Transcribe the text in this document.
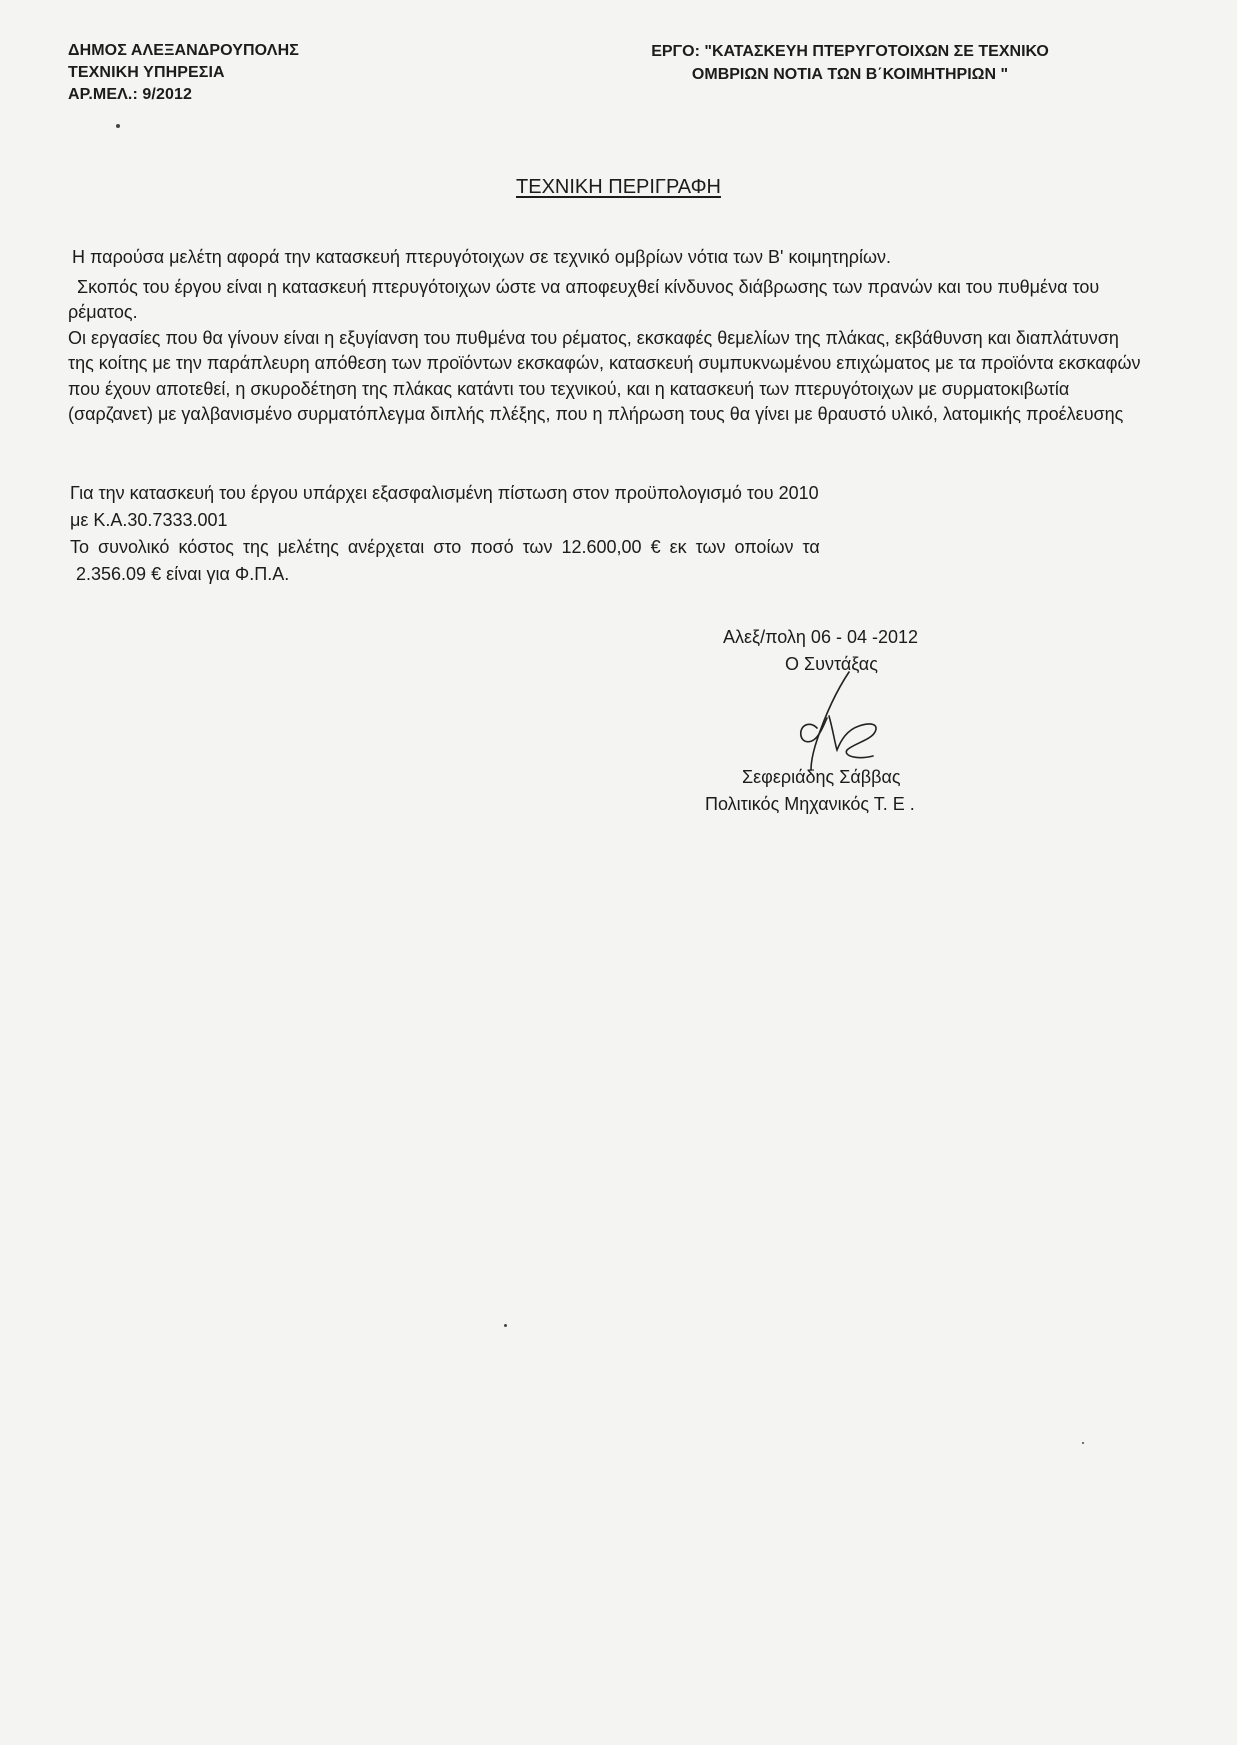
ΔΗΜΟΣ ΑΛΕΞΑΝΔΡΟΥΠΟΛΗΣ
ΤΕΧΝΙΚΗ ΥΠΗΡΕΣΙΑ
ΑΡ.ΜΕΛ.: 9/2012
ΕΡΓΟ: "ΚΑΤΑΣΚΕΥΗ ΠΤΕΡΥΓΟΤΟΙΧΩΝ ΣΕ ΤΕΧΝΙΚΟ
ΟΜΒΡΙΩΝ ΝΟΤΙΑ ΤΩΝ Β΄ΚΟΙΜΗΤΗΡΙΩΝ "
ΤΕΧΝΙΚΗ ΠΕΡΙΓΡΑΦΗ

Η παρούσα μελέτη αφορά την κατασκευή πτερυγότοιχων σε τεχνικό ομβρίων νότια των Β' κοιμητηρίων.

Σκοπός του έργου είναι η κατασκευή πτερυγότοιχων ώστε να αποφευχθεί κίνδυνος διάβρωσης των πρανών και του πυθμένα του ρέματος.

Οι εργασίες που θα γίνουν είναι η εξυγίανση του πυθμένα του ρέματος, εκσκαφές θεμελίων της πλάκας, εκβάθυνση και διαπλάτυνση της κοίτης με την παράπλευρη απόθεση των προϊόντων εκσκαφών, κατασκευή συμπυκνωμένου επιχώματος με τα προϊόντα εκσκαφών που έχουν αποτεθεί, η σκυροδέτηση της πλάκας κατάντι του τεχνικού, και η κατασκευή των πτερυγότοιχων με συρματοκιβωτία (σαρζανετ) με γαλβανισμένο συρματόπλεγμα διπλής πλέξης, που η πλήρωση τους θα γίνει με θραυστό υλικό, λατομικής προέλευσης

Για την κατασκευή του έργου υπάρχει εξασφαλισμένη πίστωση στον προϋπολογισμό του 2010

με Κ.Α.30.7333.001

Το συνολικό κόστος της μελέτης ανέρχεται στο ποσό των 12.600,00 € εκ των οποίων τα

2.356.09 € είναι για Φ.Π.Α.

Αλεξ/πολη 06 - 04 -2012
Ο Συντάξας
Σεφεριάδης Σάββας
Πολιτικός Μηχανικός Τ. Ε .
